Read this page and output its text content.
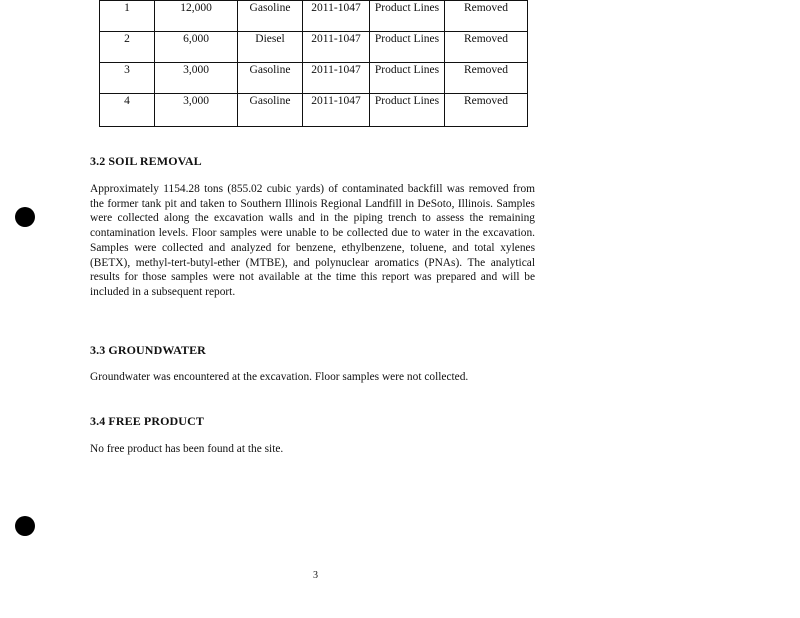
1	12,000	Gasoline	2011-1047	Product Lines	Removed
2	6,000	Diesel	2011-1047	Product Lines	Removed
3	3,000	Gasoline	2011-1047	Product Lines	Removed
4	3,000	Gasoline	2011-1047	Product Lines	Removed
3.2 SOIL REMOVAL
Approximately 1154.28 tons (855.02 cubic yards) of contaminated backfill was removed from the former tank pit and taken to Southern Illinois Regional Landfill in DeSoto, Illinois. Samples were collected along the excavation walls and in the piping trench to assess the remaining contamination levels. Floor samples were unable to be collected due to water in the excavation. Samples were collected and analyzed for benzene, ethylbenzene, toluene, and total xylenes (BETX), methyl-tert-butyl-ether (MTBE), and polynuclear aromatics (PNAs). The analytical results for those samples were not available at the time this report was prepared and will be included in a subsequent report.
3.3 GROUNDWATER
Groundwater was encountered at the excavation. Floor samples were not collected.
3.4 FREE PRODUCT
No free product has been found at the site.
3
